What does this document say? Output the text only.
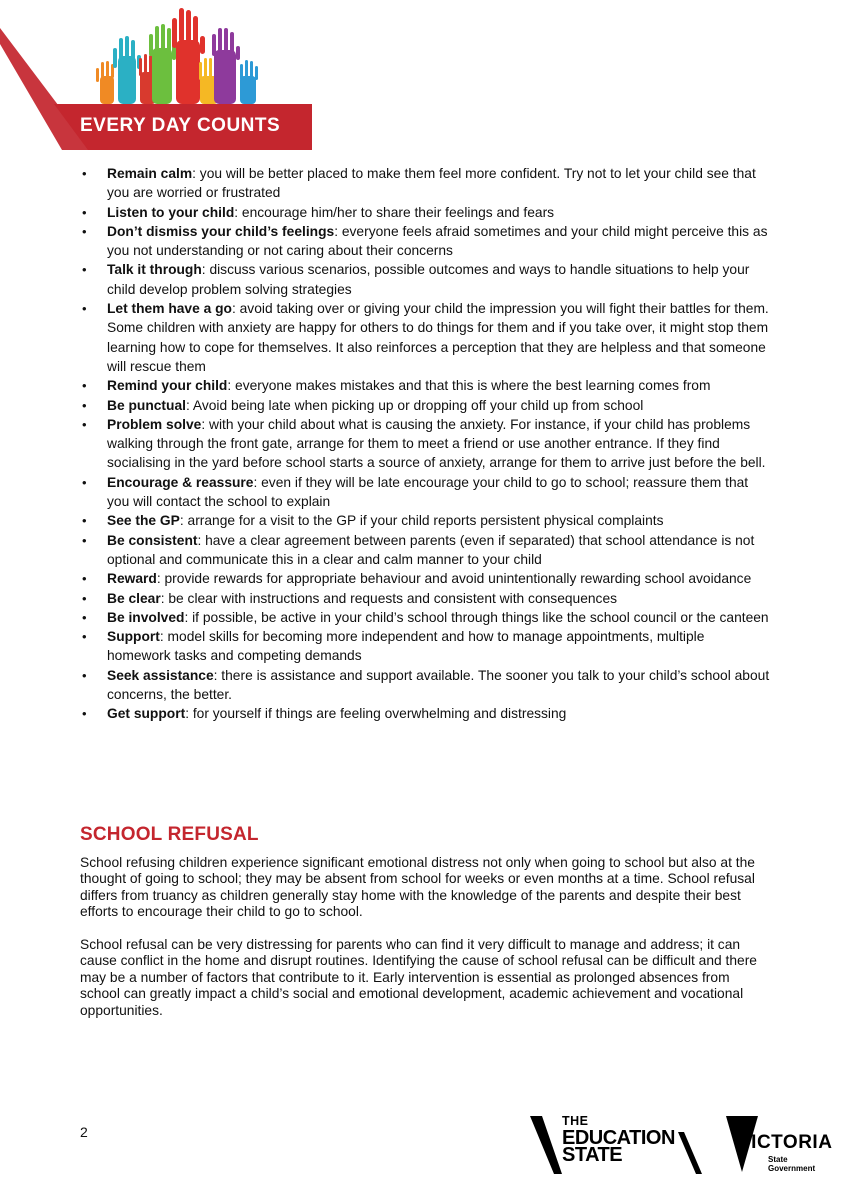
EVERY DAY COUNTS
• Remain calm: you will be better placed to make them feel more confident. Try not to let your child see that you are worried or frustrated
• Listen to your child: encourage him/her to share their feelings and fears
• Don’t dismiss your child’s feelings: everyone feels afraid sometimes and your child might perceive this as you not understanding or not caring about their concerns
• Talk it through: discuss various scenarios, possible outcomes and ways to handle situations to help your child develop problem solving strategies
• Let them have a go: avoid taking over or giving your child the impression you will fight their battles for them. Some children with anxiety are happy for others to do things for them and if you take over, it might stop them learning how to cope for themselves. It also reinforces a perception that they are helpless and that someone will rescue them
• Remind your child: everyone makes mistakes and that this is where the best learning comes from
• Be punctual: Avoid being late when picking up or dropping off your child up from school
• Problem solve: with your child about what is causing the anxiety. For instance, if your child has problems walking through the front gate, arrange for them to meet a friend or use another entrance. If they find socialising in the yard before school starts a source of anxiety, arrange for them to arrive just before the bell.
• Encourage & reassure: even if they will be late encourage your child to go to school; reassure them that you will contact the school to explain
• See the GP: arrange for a visit to the GP if your child reports persistent physical complaints
• Be consistent: have a clear agreement between parents (even if separated) that school attendance is not optional and communicate this in a clear and calm manner to your child
• Reward: provide rewards for appropriate behaviour and avoid unintentionally rewarding school avoidance
• Be clear: be clear with instructions and requests and consistent with consequences
• Be involved: if possible, be active in your child’s school through things like the school council or the canteen
• Support: model skills for becoming more independent and how to manage appointments, multiple homework tasks and competing demands
• Seek assistance: there is assistance and support available. The sooner you talk to your child’s school about concerns, the better.
• Get support: for yourself if things are feeling overwhelming and distressing
SCHOOL REFUSAL

School refusing children experience significant emotional distress not only when going to school but also at the thought of going to school; they may be absent from school for weeks or even months at a time. School refusal differs from truancy as children generally stay home with the knowledge of the parents and despite their best efforts to encourage their child to go to school.

School refusal can be very distressing for parents who can find it very difficult to manage and address; it can cause conflict in the home and disrupt routines. Identifying the cause of school refusal can be difficult and there may be a number of factors that contribute to it. Early intervention is essential as prolonged absences from school can greatly impact a child’s social and emotional development, academic achievement and vocational opportunities.

2
THE
EDUCATION
STATE
VICTORIA
State
Government
